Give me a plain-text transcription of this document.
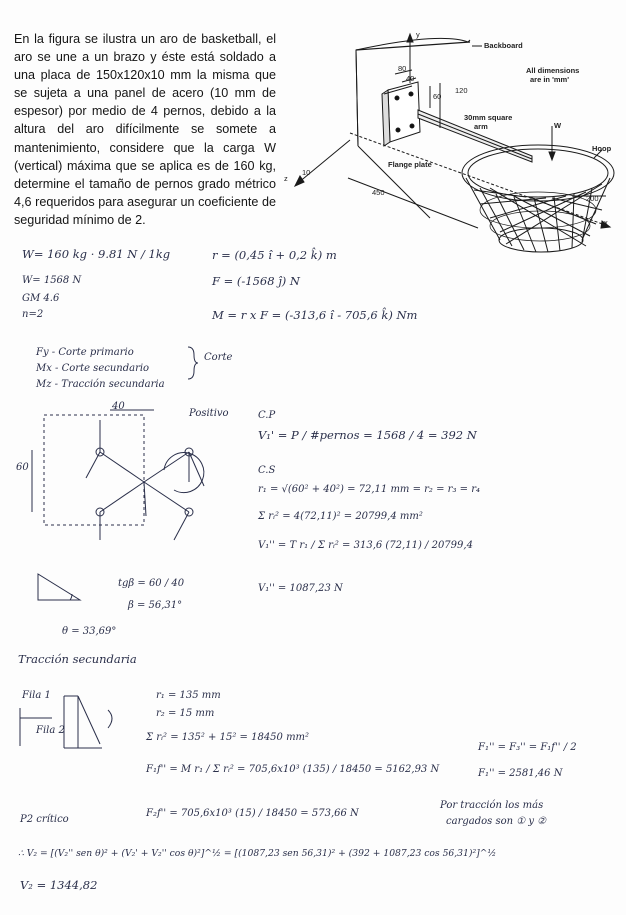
En la figura se ilustra un aro de basketball, el aro se une a un brazo y éste está soldado a una placa de 150x120x10 mm la misma que se sujeta a una panel de acero (10 mm de espesor) por medio de 4 pernos, debido a la altura del aro difícilmente se somete a mantenimiento, considere que la carga W (vertical) máxima que se aplica es de 160 kg, determine el tamaño de pernos grado métrico 4,6 requeridos para asegurar un coeficiente de seguridad mínimo de 2.
Backboard
All dimensions
are in 'mm'
30mm square
arm
Flange plate
Hoop
W
80
40
60
120
10
450
200
y
z
x
W= 160 kg · 9.81 N / 1kg
W= 1568 N
GM 4.6
n=2
r = (0,45 î + 0,2 k̂) m
F = (-1568 ĵ) N
M = r x F = (-313,6 î - 705,6 k̂) Nm
Fy - Corte primario
Mx - Corte secundario
Mz - Tracción secundaria
Corte
40
60
Positivo	C.P
V₁' = P / #pernos = 1568 / 4 = 392 N
C.S
r₁ = √(60² + 40²) = 72,11 mm = r₂ = r₃ = r₄
Σ rᵢ² = 4(72,11)² = 20799,4 mm²
V₁'' = T r₁ / Σ rᵢ² = 313,6 (72,11) / 20799,4
V₁'' = 1087,23 N
tgβ = 60 / 40
β = 56,31°
θ = 33,69°
Tracción secundaria
Fila 1
Fila 2
r₁ = 135 mm
r₂ = 15 mm
Σ rᵢ² = 135² + 15² = 18450 mm²
F₁f'' = M r₁ / Σ rᵢ² = 705,6x10³ (135) / 18450 = 5162,93 N
F₂f'' = 705,6x10³ (15) / 18450 = 573,66 N
F₁'' = F₃'' = F₁f'' / 2
F₁'' = 2581,46 N
Por tracción los más
cargados son ① y ②
P2 crítico
∴ V₂ = [(V₂'' sen θ)² + (V₂' + V₂'' cos θ)²]^½ = [(1087,23 sen 56,31)² + (392 + 1087,23 cos 56,31)²]^½
V₂ = 1344,82
